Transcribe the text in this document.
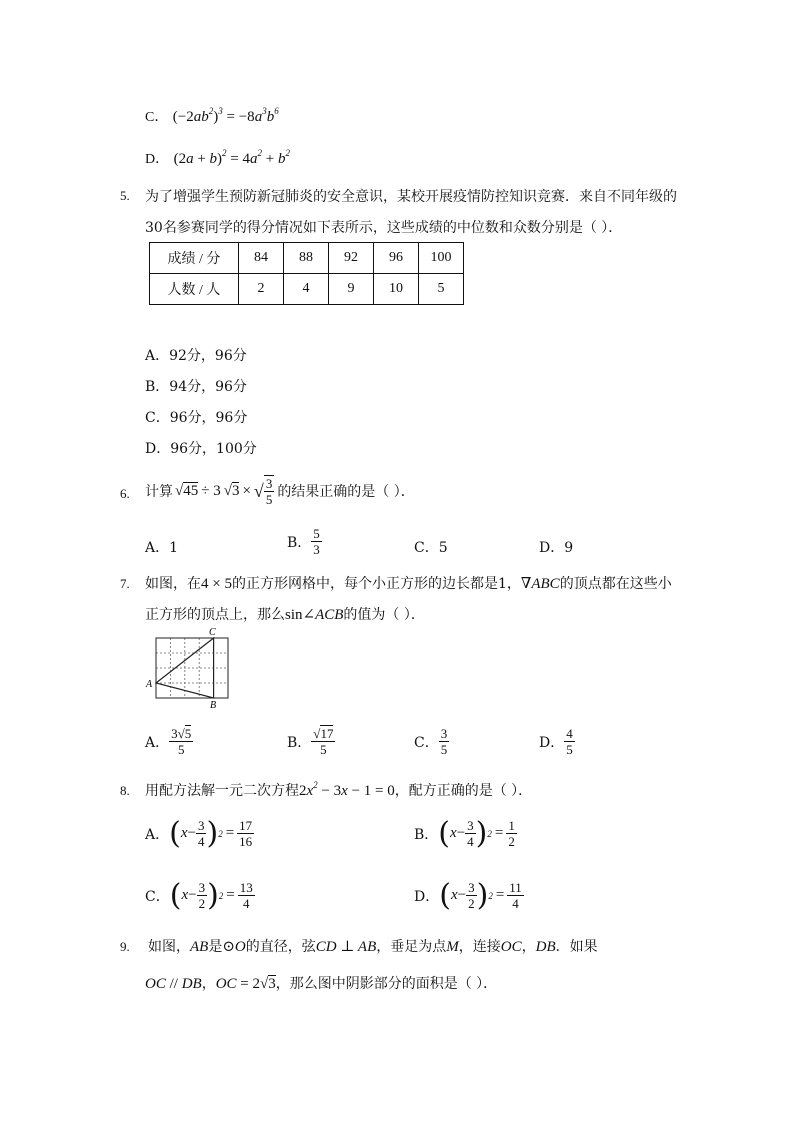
C． $(-2ab^2)^3 = -8a^3b^6$
D． $(2a + b)^2 = 4a^2 + b^2$
5. 为了增强学生预防新冠肺炎的安全意识，某校开展疫情防控知识竞赛．来自不同年级的
30名参赛同学的得分情况如下表所示，这些成绩的中位数和众数分别是（ ）．
成绩 / 分	84	88	92	96	100
人数 / 人	2	4	9	10	5
A．92分，96分
B．94分，96分
C．96分，96分
D．96分，100分
6. 计算 √ 45 ÷ 3 √ 3 × √ $\frac{3}{5}$ 的结果正确的是（ ）．
A．1	B． $\frac{5}{3}$	C．5	D．9
7. 如图，在4 × 5的正方形网格中，每个小正方形的边长都是1，∇ABC的顶点都在这些小
正方形的顶点上，那么sin∠ACB的值为（ ）．
A
B
C
A． $\frac{3√5}{5}$	B． $\frac{√17}{5}$	C． $\frac{3}{5}$	D． $\frac{4}{5}$
8. 用配方法解一元二次方程$2x^2 - 3x - 1 = 0$，配方正确的是（ ）．
A． ( $x - \frac{3}{4}$ ) $2 = \frac{17}{16}$	B． ( $x - \frac{3}{4}$ ) $2 = \frac{1}{2}$
C． ( $x - \frac{3}{2}$ ) $2 = \frac{13}{4}$	D． ( $x - \frac{3}{2}$ ) $2 = \frac{11}{4}$
9. 如图，AB是⊙O的直径，弦CD ⊥ AB，垂足为点M，连接OC，DB．如果
OC // DB，OC = 2√3，那么图中阴影部分的面积是（ ）．
